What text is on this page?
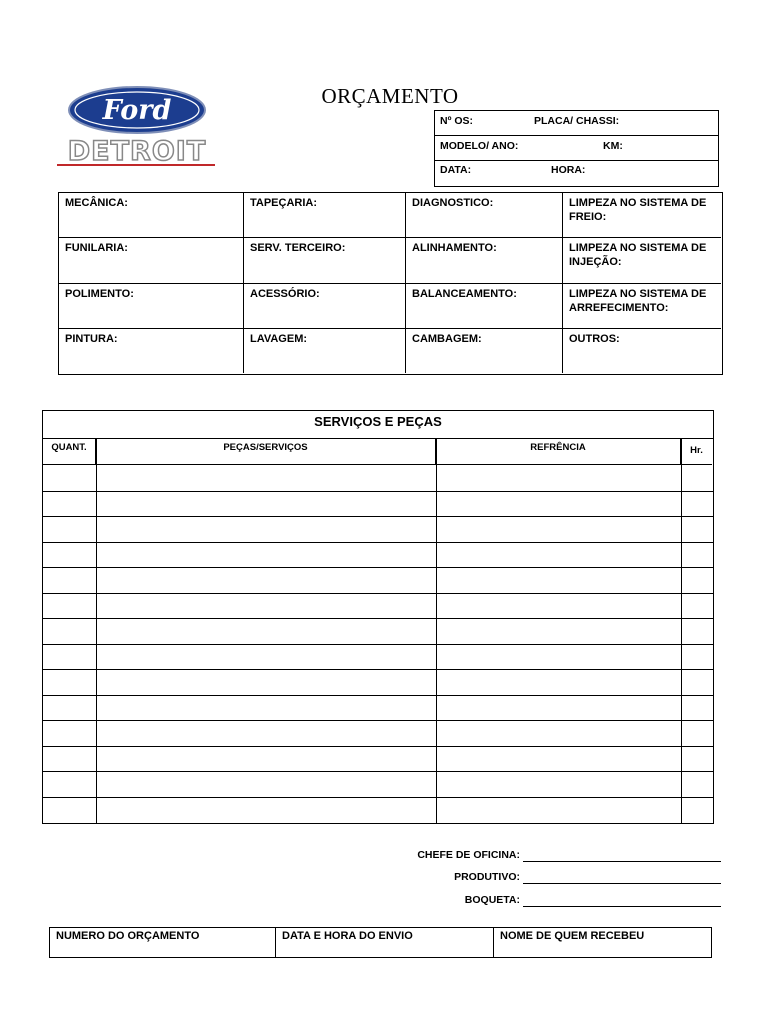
Ford
DETROIT
ORÇAMENTO
Nº OS:	PLACA/ CHASSI:
MODELO/ ANO:	KM:
DATA:	HORA:
MECÂNICA:	TAPEÇARIA:	DIAGNOSTICO:	LIMPEZA NO SISTEMA DE FREIO:
FUNILARIA:	SERV. TERCEIRO:	ALINHAMENTO:	LIMPEZA NO SISTEMA DE INJEÇÃO:
POLIMENTO:	ACESSÓRIO:	BALANCEAMENTO:	LIMPEZA NO SISTEMA DE ARREFECIMENTO:
PINTURA:	LAVAGEM:	CAMBAGEM:	OUTROS:
SERVIÇOS E PEÇAS
QUANT.	PEÇAS/SERVIÇOS	REFRÊNCIA	Hr.
CHEFE DE OFICINA:
PRODUTIVO:
BOQUETA:
NUMERO DO ORÇAMENTO	DATA E HORA DO ENVIO	NOME DE QUEM RECEBEU
